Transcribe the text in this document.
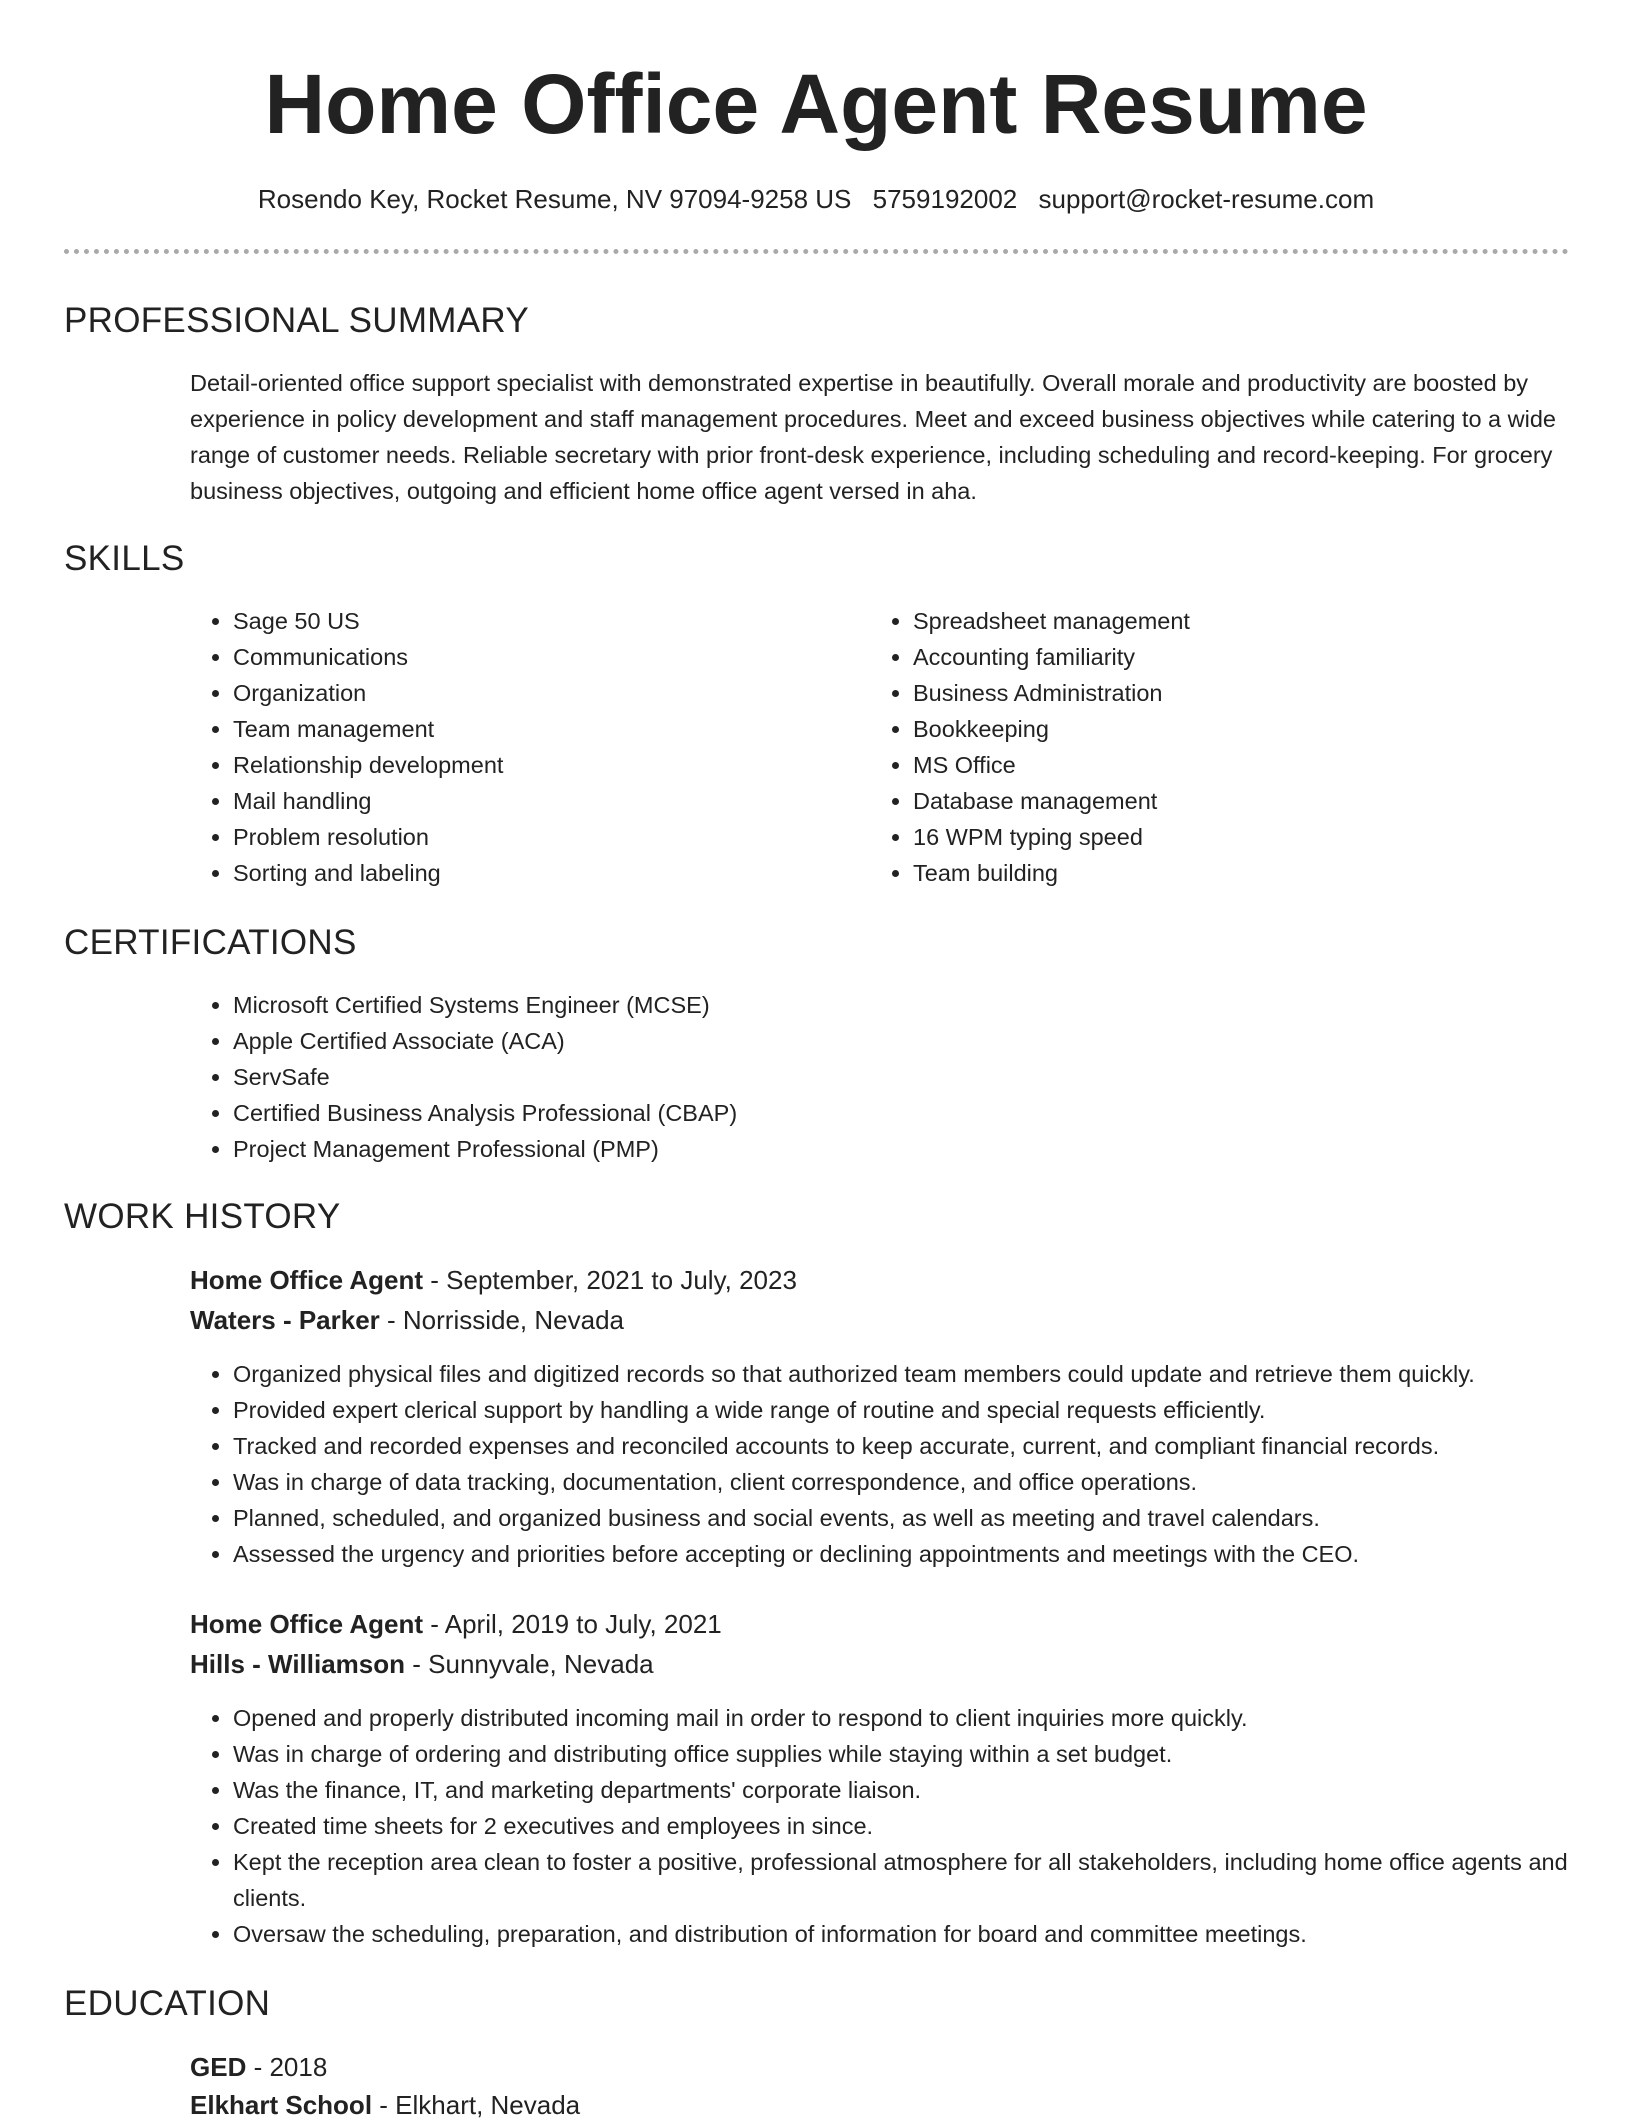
Home Office Agent Resume
Rosendo Key, Rocket Resume, NV 97094-9258 US 5759192002 support@rocket-resume.com
PROFESSIONAL SUMMARY

Detail-oriented office support specialist with demonstrated expertise in beautifully. Overall morale and productivity are boosted by experience in policy development and staff management procedures. Meet and exceed business objectives while catering to a wide range of customer needs. Reliable secretary with prior front-desk experience, including scheduling and record-keeping. For grocery business objectives, outgoing and efficient home office agent versed in aha.

SKILLS
• Sage 50 US
• Communications
• Organization
• Team management
• Relationship development
• Mail handling
• Problem resolution
• Sorting and labeling
• Spreadsheet management
• Accounting familiarity
• Business Administration
• Bookkeeping
• MS Office
• Database management
• 16 WPM typing speed
• Team building
CERTIFICATIONS
• Microsoft Certified Systems Engineer (MCSE)
• Apple Certified Associate (ACA)
• ServSafe
• Certified Business Analysis Professional (CBAP)
• Project Management Professional (PMP)
WORK HISTORY
Home Office Agent - September, 2021 to July, 2023
Waters - Parker - Norrisside, Nevada
• Organized physical files and digitized records so that authorized team members could update and retrieve them quickly.
• Provided expert clerical support by handling a wide range of routine and special requests efficiently.
• Tracked and recorded expenses and reconciled accounts to keep accurate, current, and compliant financial records.
• Was in charge of data tracking, documentation, client correspondence, and office operations.
• Planned, scheduled, and organized business and social events, as well as meeting and travel calendars.
• Assessed the urgency and priorities before accepting or declining appointments and meetings with the CEO.
Home Office Agent - April, 2019 to July, 2021
Hills - Williamson - Sunnyvale, Nevada
• Opened and properly distributed incoming mail in order to respond to client inquiries more quickly.
• Was in charge of ordering and distributing office supplies while staying within a set budget.
• Was the finance, IT, and marketing departments' corporate liaison.
• Created time sheets for 2 executives and employees in since.
• Kept the reception area clean to foster a positive, professional atmosphere for all stakeholders, including home office agents and clients.
• Oversaw the scheduling, preparation, and distribution of information for board and committee meetings.
EDUCATION
GED - 2018
Elkhart School - Elkhart, Nevada
